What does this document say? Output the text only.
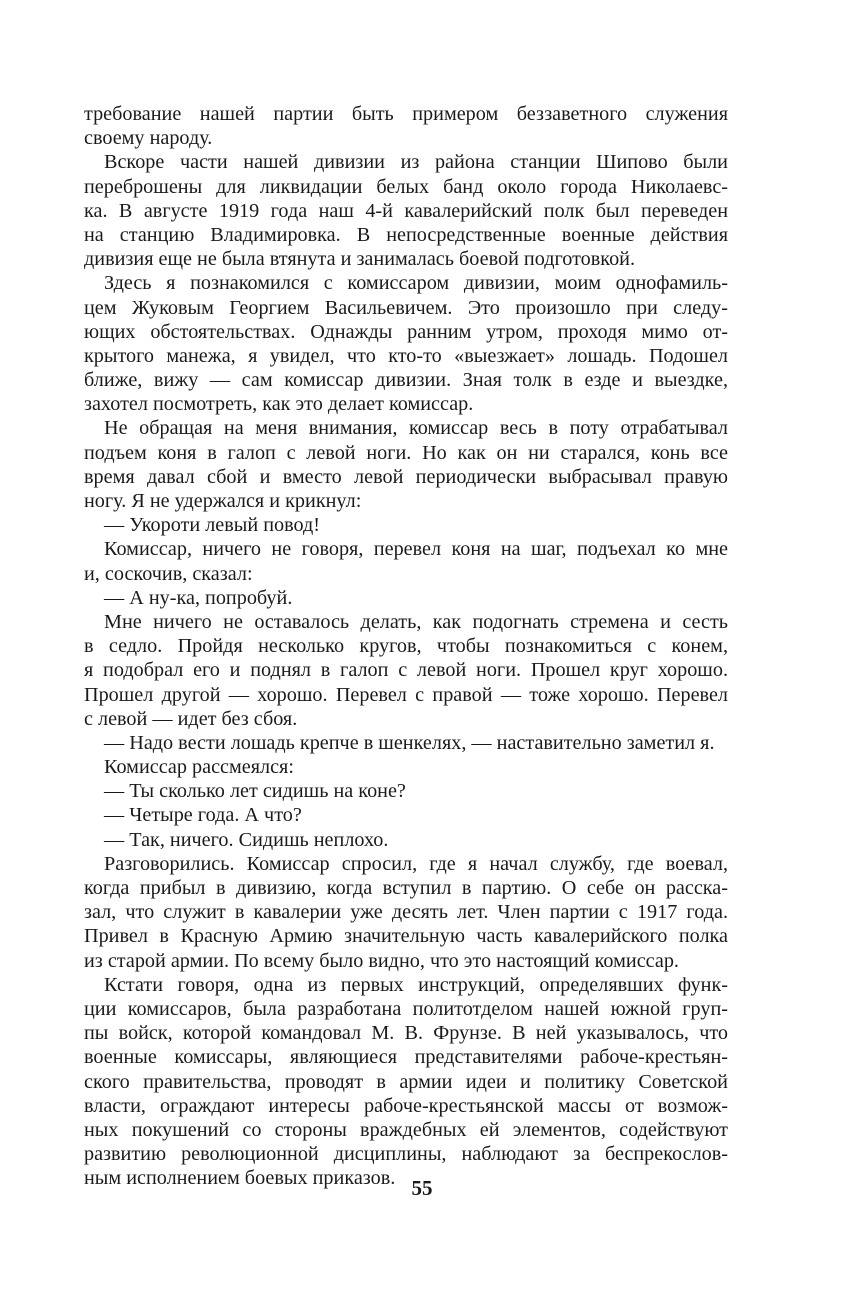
требование нашей партии быть примером беззаветного служения
своему народу.
Вскоре части нашей дивизии из района станции Шипово были
переброшены для ликвидации белых банд около города Николаевс-
ка. В августе 1919 года наш 4-й кавалерийский полк был переведен
на станцию Владимировка. В непосредственные военные действия
дивизия еще не была втянута и занималась боевой подготовкой.
Здесь я познакомился с комиссаром дивизии, моим однофамиль-
цем Жуковым Георгием Васильевичем. Это произошло при следу-
ющих обстоятельствах. Однажды ранним утром, проходя мимо от-
крытого манежа, я увидел, что кто-то «выезжает» лошадь. Подошел
ближе, вижу — сам комиссар дивизии. Зная толк в езде и выездке,
захотел посмотреть, как это делает комиссар.
Не обращая на меня внимания, комиссар весь в поту отрабатывал
подъем коня в галоп с левой ноги. Но как он ни старался, конь все
время давал сбой и вместо левой периодически выбрасывал правую
ногу. Я не удержался и крикнул:
— Укороти левый повод!
Комиссар, ничего не говоря, перевел коня на шаг, подъехал ко мне
и, соскочив, сказал:
— А ну-ка, попробуй.
Мне ничего не оставалось делать, как подогнать стремена и сесть
в седло. Пройдя несколько кругов, чтобы познакомиться с конем,
я подобрал его и поднял в галоп с левой ноги. Прошел круг хорошо.
Прошел другой — хорошо. Перевел с правой — тоже хорошо. Перевел
с левой — идет без сбоя.
— Надо вести лошадь крепче в шенкелях, — наставительно заметил я.
Комиссар рассмеялся:
— Ты сколько лет сидишь на коне?
— Четыре года. А что?
— Так, ничего. Сидишь неплохо.
Разговорились. Комиссар спросил, где я начал службу, где воевал,
когда прибыл в дивизию, когда вступил в партию. О себе он расска-
зал, что служит в кавалерии уже десять лет. Член партии с 1917 года.
Привел в Красную Армию значительную часть кавалерийского полка
из старой армии. По всему было видно, что это настоящий комиссар.
Кстати говоря, одна из первых инструкций, определявших функ-
ции комиссаров, была разработана политотделом нашей южной груп-
пы войск, которой командовал М. В. Фрунзе. В ней указывалось, что
военные комиссары, являющиеся представителями рабоче-крестьян-
ского правительства, проводят в армии идеи и политику Советской
власти, ограждают интересы рабоче-крестьянской массы от возмож-
ных покушений со стороны враждебных ей элементов, содействуют
развитию революционной дисциплины, наблюдают за беспрекослов-
ным исполнением боевых приказов. 55
